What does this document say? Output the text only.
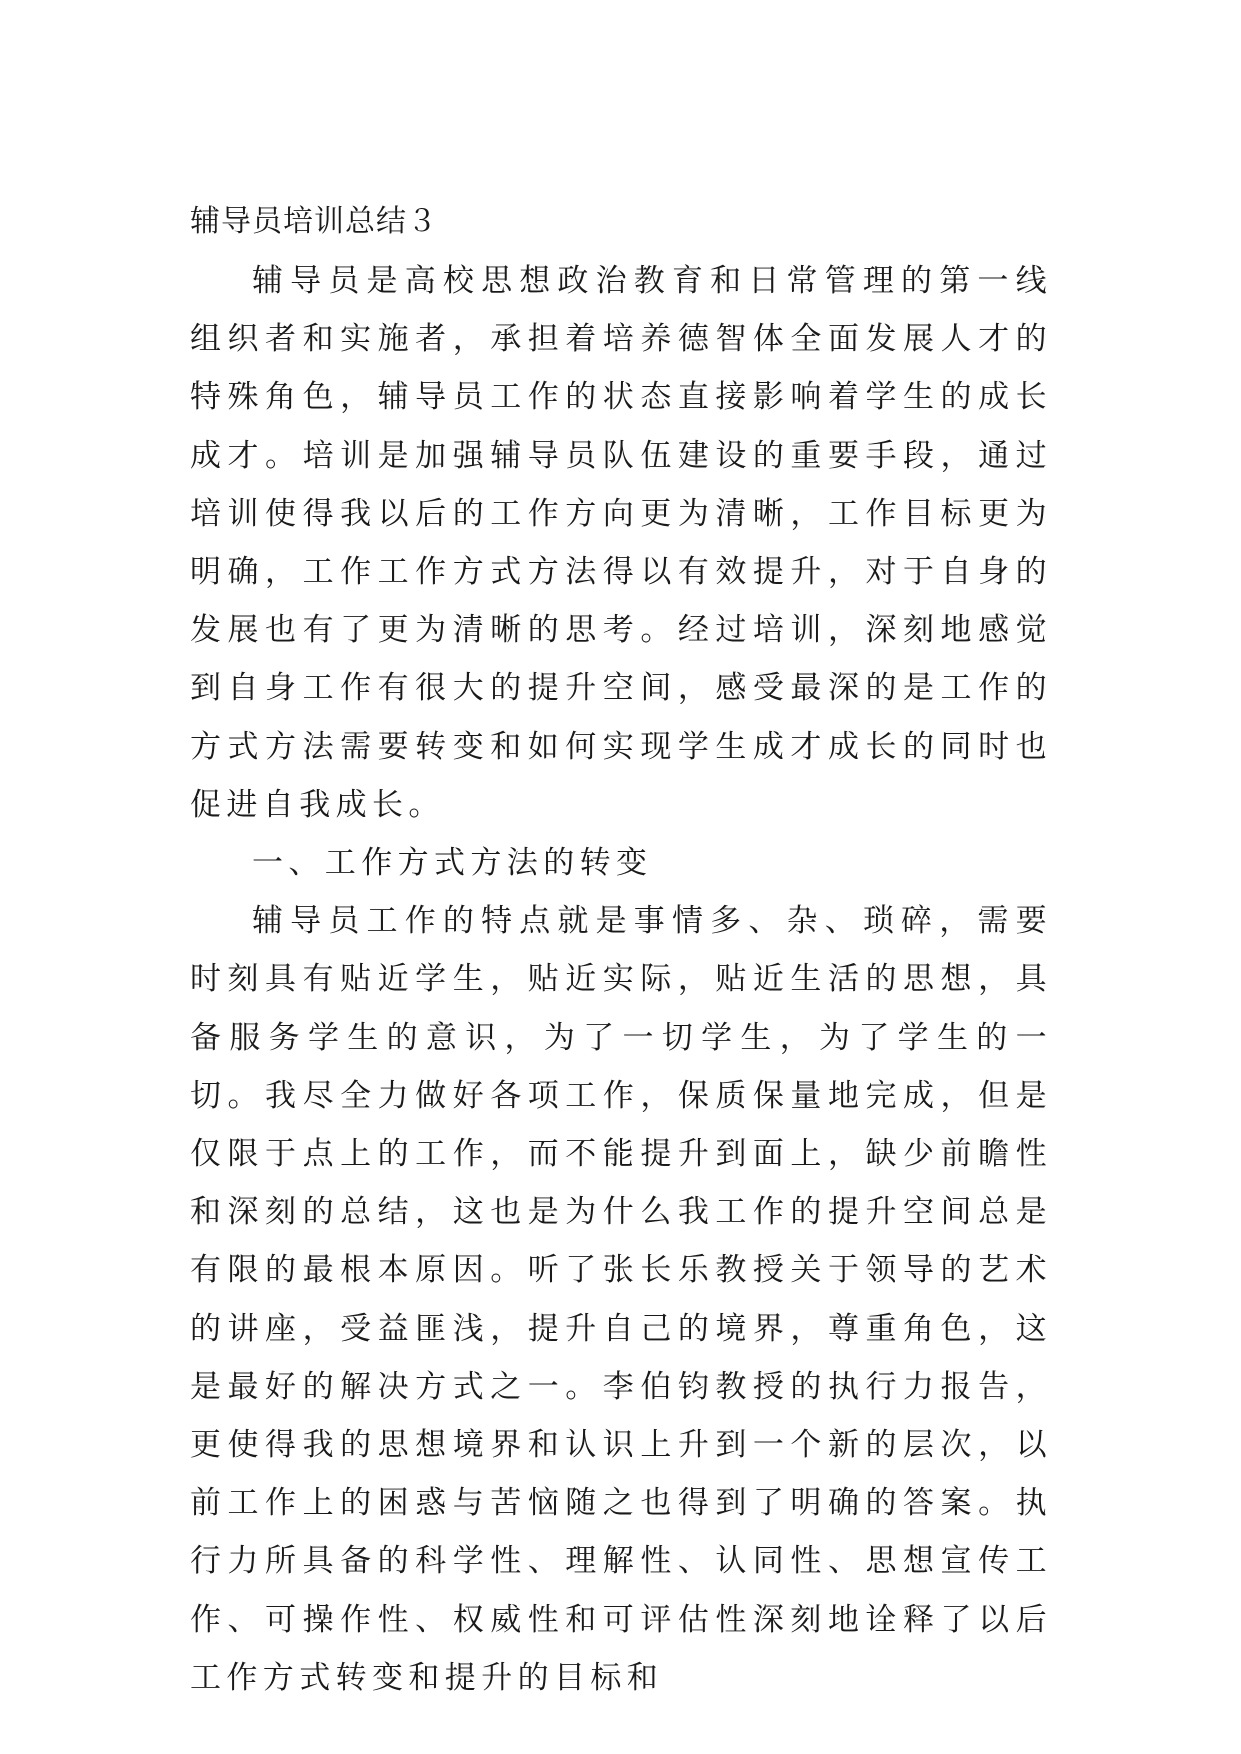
辅导员培训总结３

辅导员是高校思想政治教育和日常管理的第一线组织者和实施者，承担着培养德智体全面发展人才的特殊角色，辅导员工作的状态直接影响着学生的成长成才。培训是加强辅导员队伍建设的重要手段，通过培训使得我以后的工作方向更为清晰，工作目标更为明确，工作工作方式方法得以有效提升，对于自身的发展也有了更为清晰的思考。经过培训，深刻地感觉到自身工作有很大的提升空间，感受最深的是工作的方式方法需要转变和如何实现学生成才成长的同时也促进自我成长。

一、工作方式方法的转变

辅导员工作的特点就是事情多、杂、琐碎，需要时刻具有贴近学生，贴近实际，贴近生活的思想，具备服务学生的意识，为了一切学生，为了学生的一切。我尽全力做好各项工作，保质保量地完成，但是仅限于点上的工作，而不能提升到面上，缺少前瞻性和深刻的总结，这也是为什么我工作的提升空间总是有限的最根本原因。听了张长乐教授关于领导的艺术的讲座，受益匪浅，提升自己的境界，尊重角色，这是最好的解决方式之一。李伯钧教授的执行力报告，更使得我的思想境界和认识上升到一个新的层次，以前工作上的困惑与苦恼随之也得到了明确的答案。执行力所具备的科学性、理解性、认同性、思想宣传工作、可操作性、权威性和可评估性深刻地诠释了以后工作方式转变和提升的目标和
